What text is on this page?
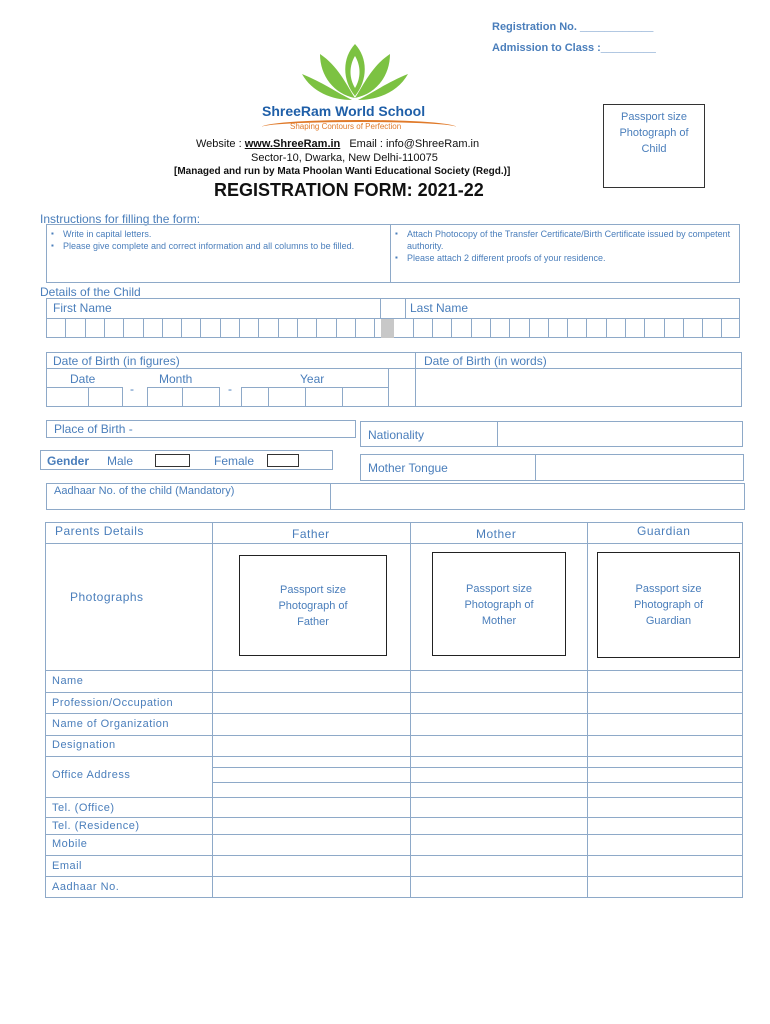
Registration No. ____________
Admission to Class :_________
ShreeRam World School
Shaping Contours of Perfection
Website : www.ShreeRam.in Email : info@ShreeRam.in
Sector-10, Dwarka, New Delhi-110075
[Managed and run by Mata Phoolan Wanti Educational Society (Regd.)]
Passport size Photograph of Child
REGISTRATION FORM: 2021-22
Instructions for filling the form:
▪ Write in capital letters.
▪ Please give complete and correct information and all columns to be filled.
▪ Attach Photocopy of the Transfer Certificate/Birth Certificate issued by competent authority.
▪ Please attach 2 different proofs of your residence.
Details of the Child
First Name	Last Name
Date of Birth (in figures)	Date of Birth (in words)
Date	Month	Year
-	-
Place of Birth -	Nationality
Gender Male	Female	Mother Tongue
Aadhaar No. of the child (Mandatory)
Parents Details	Father	Mother	Guardian
Photographs
Passport size Photograph of Father
Passport size Photograph of Mother
Passport size Photograph of Guardian
Name
Profession/Occupation
Name of Organization
Designation
Office Address
Tel. (Office)
Tel. (Residence)
Mobile
Email
Aadhaar No.
